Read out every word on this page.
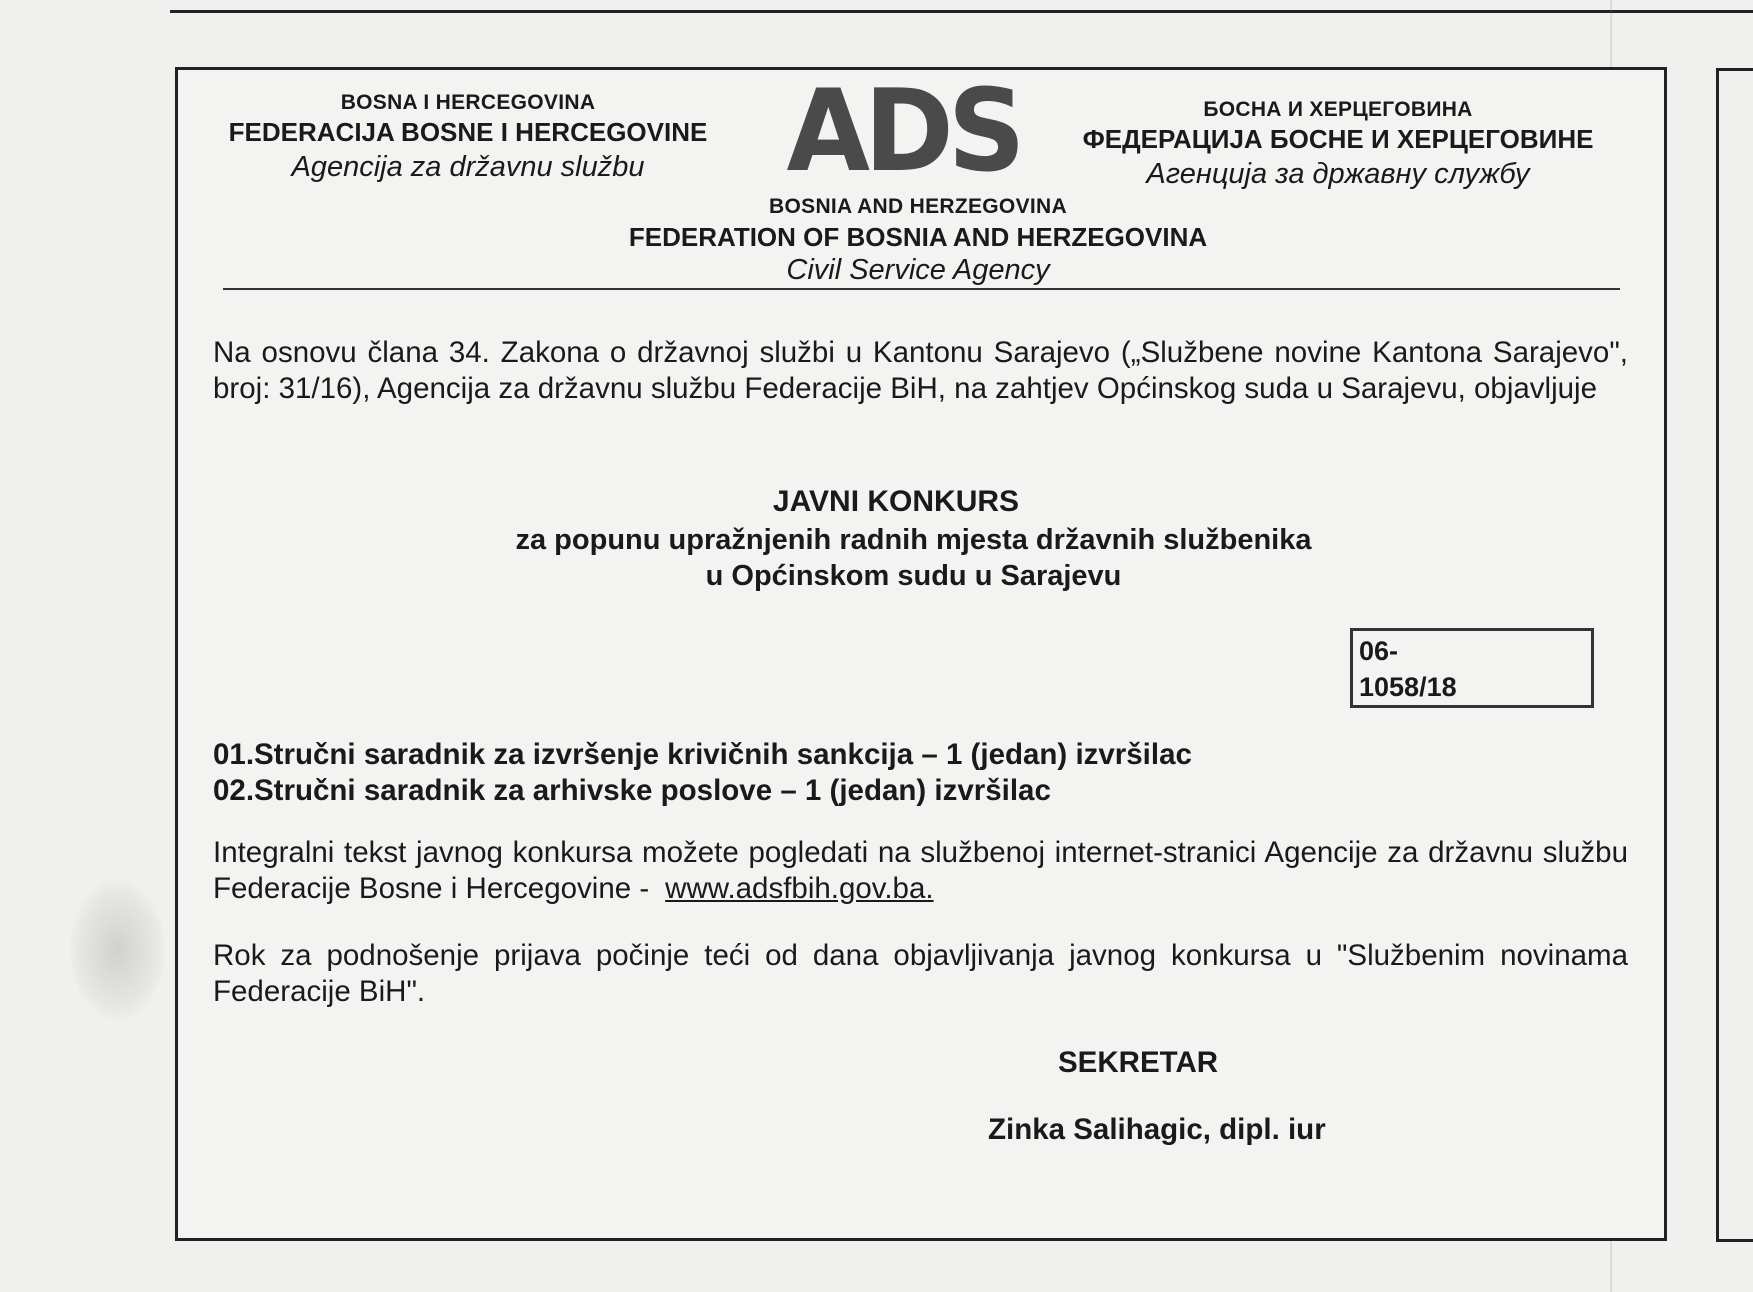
BOSNA I HERCEGOVINA
FEDERACIJA BOSNE I HERCEGOVINE
Agencija za državnu službu	ADS	БОСНА И ХЕРЦЕГОВИНА
ФЕДЕРАЦИЈА БОСНЕ И ХЕРЦЕГОВИНЕ
Агенција за државну службу
BOSNIA AND HERZEGOVINA
FEDERATION OF BOSNIA AND HERZEGOVINA
Civil Service Agency
Na osnovu člana 34. Zakona o državnoj službi u Kantonu Sarajevo („Službene novine Kantona Sarajevo", broj: 31/16), Agencija za državnu službu Federacije BiH, na zahtjev Općinskog suda u Sarajevu, objavljuje
JAVNI KONKURS
za popunu upražnjenih radnih mjesta državnih službenika
u Općinskom sudu u Sarajevu
06-
1058/18
01.Stručni saradnik za izvršenje krivičnih sankcija – 1 (jedan) izvršilac
02.Stručni saradnik za arhivske poslove – 1 (jedan) izvršilac
Integralni tekst javnog konkursa možete pogledati na službenoj internet-stranici Agencije za državnu službu Federacije Bosne i Hercegovine - www.adsfbih.gov.ba.
Rok za podnošenje prijava počinje teći od dana objavljivanja javnog konkursa u "Službenim novinama Federacije BiH".
SEKRETAR
Zinka Salihagic, dipl. iur
